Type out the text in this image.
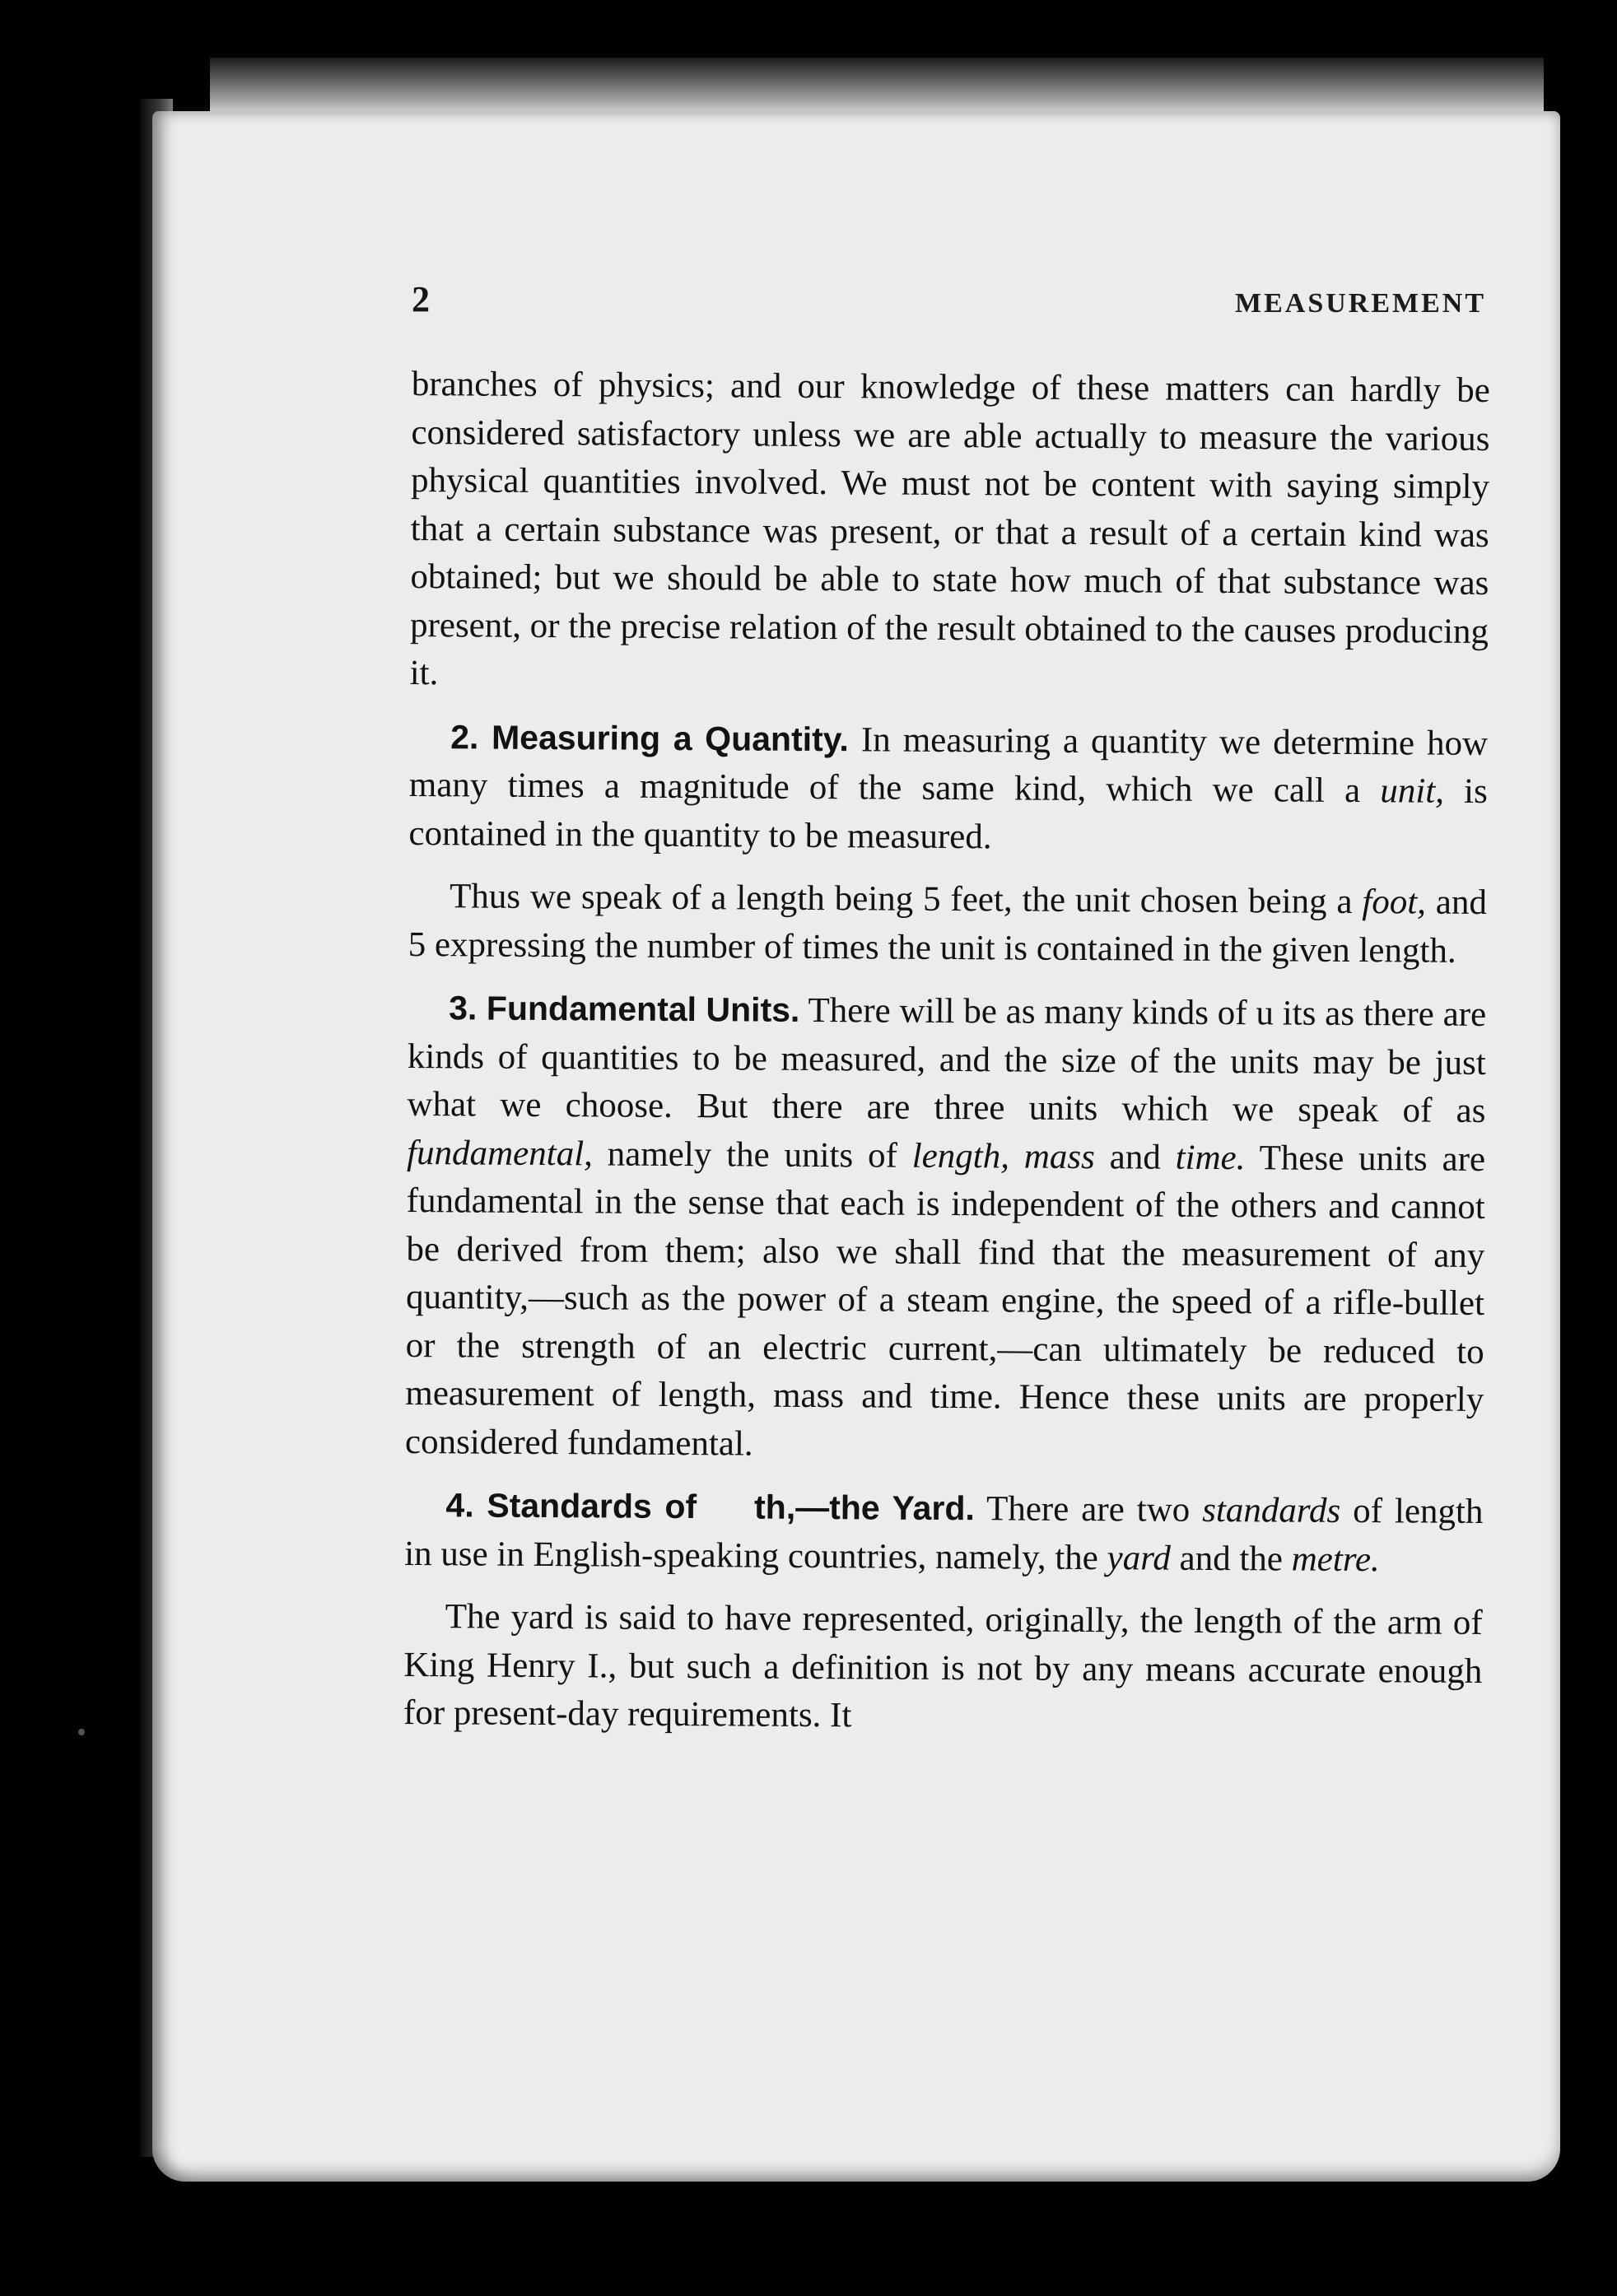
2	MEASUREMENT

branches of physics; and our knowledge of these matters can hardly be considered satisfactory unless we are able actually to measure the various physical quantities involved. We must not be content with saying simply that a certain substance was present, or that a result of a certain kind was obtained; but we should be able to state how much of that substance was present, or the precise relation of the result obtained to the causes producing it.

2. Measuring a Quantity. In measuring a quantity we determine how many times a magnitude of the same kind, which we call a unit, is contained in the quantity to be measured.

Thus we speak of a length being 5 feet, the unit chosen being a foot, and 5 expressing the number of times the unit is contained in the given length.

3. Fundamental Units. There will be as many kinds of u its as there are kinds of quantities to be measured, and the size of the units may be just what we choose. But there are three units which we speak of as fundamental, namely the units of length, mass and time. These units are fundamental in the sense that each is independent of the others and cannot be derived from them; also we shall find that the measurement of any quantity,—such as the power of a steam engine, the speed of a rifle-bullet or the strength of an electric current,—can ultimately be reduced to measurement of length, mass and time. Hence these units are properly considered fundamental.

4. Standards of th,—the Yard. There are two standards of length in use in English-speaking countries, namely, the yard and the metre.

The yard is said to have represented, originally, the length of the arm of King Henry I., but such a definition is not by any means accurate enough for present-day requirements. It
